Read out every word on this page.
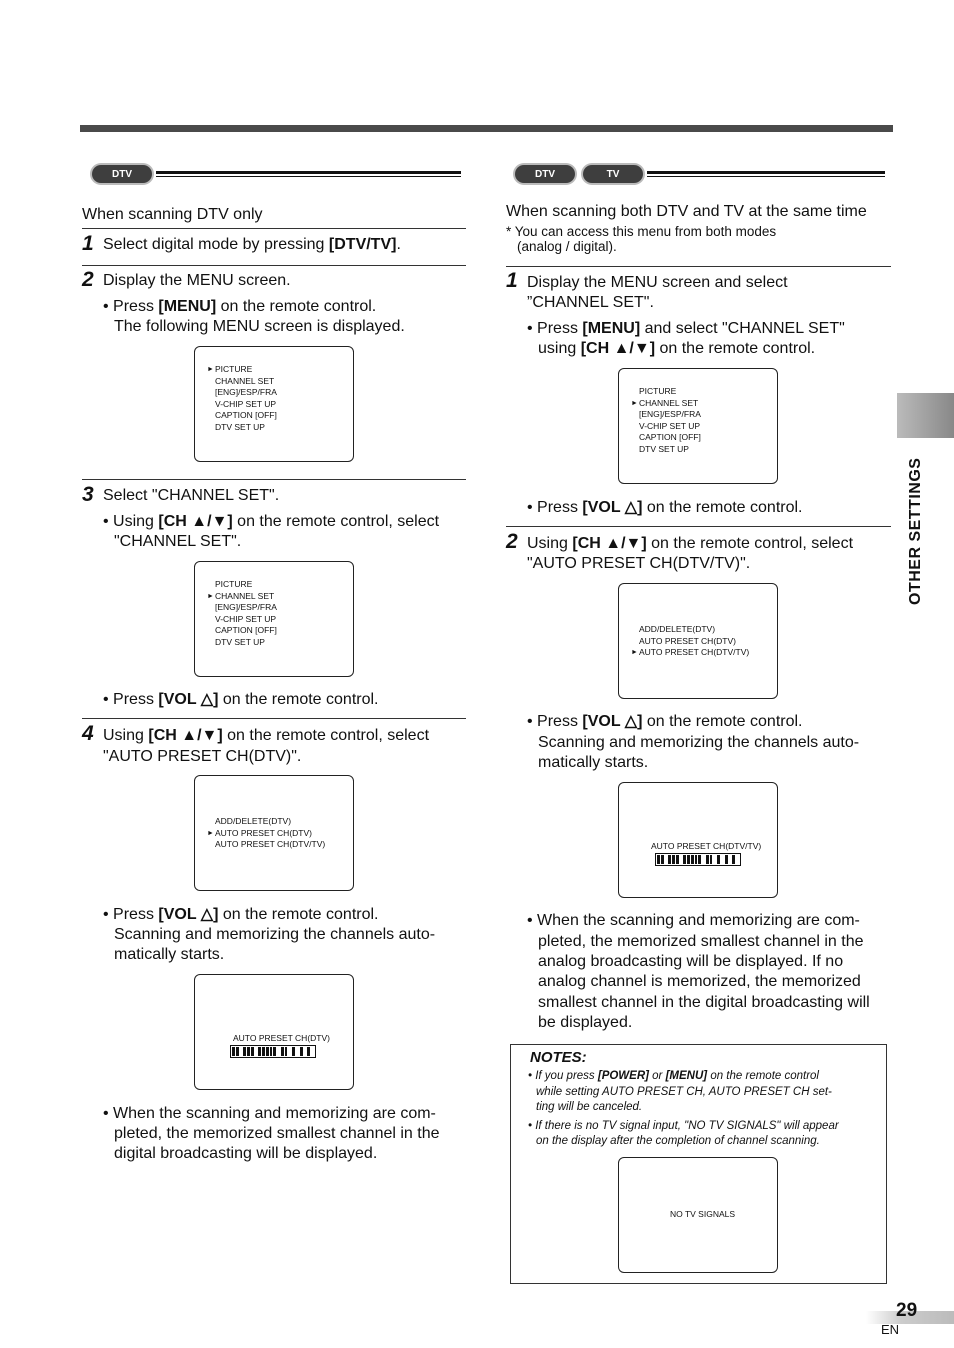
OTHER SETTINGS
DTV
When scanning DTV only
1 Select digital mode by pressing [DTV/TV].
2 Display the MENU screen.
• Press [MENU] on the remote control.
The following MENU screen is displayed.
► PICTURE
CHANNEL SET
[ENG]/ESP/FRA
V-CHIP SET UP
CAPTION [OFF]
DTV SET UP
3 Select "CHANNEL SET".
• Using [CH ▲/▼] on the remote control, select
"CHANNEL SET".
PICTURE
► CHANNEL SET
[ENG]/ESP/FRA
V-CHIP SET UP
CAPTION [OFF]
DTV SET UP
• Press [VOL △] on the remote control.
4 Using [CH ▲/▼] on the remote control, select
"AUTO PRESET CH(DTV)".
ADD/DELETE(DTV)
► AUTO PRESET CH(DTV)
AUTO PRESET CH(DTV/TV)
• Press [VOL △] on the remote control.
Scanning and memorizing the channels auto-
matically starts.
AUTO PRESET CH(DTV)
• When the scanning and memorizing are com-
pleted, the memorized smallest channel in the
digital broadcasting will be displayed.
DTV	TV
When scanning both DTV and TV at the same time
* You can access this menu from both modes
(analog / digital).
1 Display the MENU screen and select
”CHANNEL SET".
• Press [MENU] and select "CHANNEL SET"
using [CH ▲/▼] on the remote control.
PICTURE
► CHANNEL SET
[ENG]/ESP/FRA
V-CHIP SET UP
CAPTION [OFF]
DTV SET UP
• Press [VOL △] on the remote control.
2 Using [CH ▲/▼] on the remote control, select
"AUTO PRESET CH(DTV/TV)".
ADD/DELETE(DTV)
AUTO PRESET CH(DTV)
► AUTO PRESET CH(DTV/TV)
• Press [VOL △] on the remote control.
Scanning and memorizing the channels auto-
matically starts.
AUTO PRESET CH(DTV/TV)
• When the scanning and memorizing are com-
pleted, the memorized smallest channel in the
analog broadcasting will be displayed. If no
analog channel is memorized, the memorized
smallest channel in the digital broadcasting will
be displayed.
NOTES:
• If you press [POWER] or [MENU] on the remote control
while setting AUTO PRESET CH, AUTO PRESET CH set-
ting will be canceled.
• If there is no TV signal input, "NO TV SIGNALS" will appear
on the display after the completion of channel scanning.
NO TV SIGNALS
29
EN
